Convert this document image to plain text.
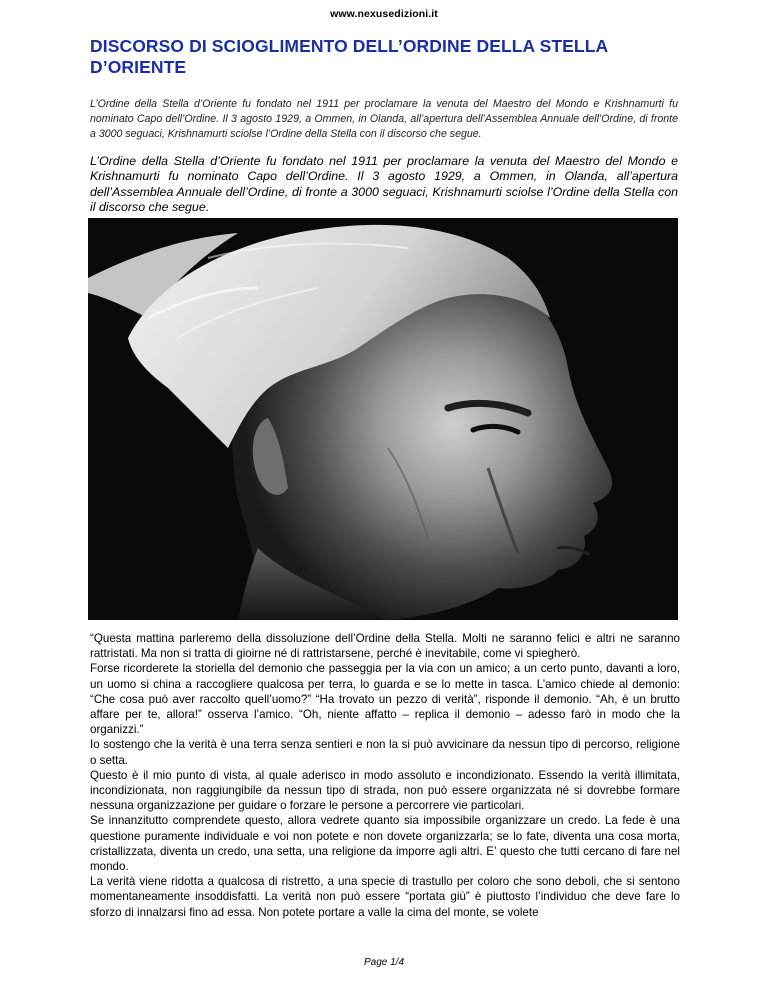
www.nexusedizioni.it
DISCORSO DI SCIOGLIMENTO DELL’ORDINE DELLA STELLA D’ORIENTE

L’Ordine della Stella d’Oriente fu fondato nel 1911 per proclamare la venuta del Maestro del Mondo e Krishnamurti fu nominato Capo dell’Ordine. Il 3 agosto 1929, a Ommen, in Olanda, all’apertura dell’Assemblea Annuale dell’Ordine, di fronte a 3000 seguaci, Krishnamurti sciolse l’Ordine della Stella con il discorso che segue.

L’Ordine della Stella d’Oriente fu fondato nel 1911 per proclamare la venuta del Maestro del Mondo e Krishnamurti fu nominato Capo dell’Ordine. Il 3 agosto 1929, a Ommen, in Olanda, all’apertura dell’Assemblea Annuale dell’Ordine, di fronte a 3000 seguaci, Krishnamurti sciolse l’Ordine della Stella con il discorso che segue.

“Questa mattina parleremo della dissoluzione dell’Ordine della Stella. Molti ne saranno felici e altri ne saranno rattristati. Ma non si tratta di gioirne né di rattristarsene, perché è inevitabile, come vi spiegherò.

Forse ricorderete la storiella del demonio che passeggia per la via con un amico; a un certo punto, davanti a loro, un uomo si china a raccogliere qualcosa per terra, lo guarda e se lo mette in tasca. L’amico chiede al demonio: “Che cosa può aver raccolto quell’uomo?” “Ha trovato un pezzo di verità”, risponde il demonio. “Ah, è un brutto affare per te, allora!” osserva l’amico. “Oh, niente affatto – replica il demonio – adesso farò in modo che la organizzi.”

Io sostengo che la verità è una terra senza sentieri e non la si può avvicinare da nessun tipo di percorso, religione o setta.

Questo è il mio punto di vista, al quale aderisco in modo assoluto e incondizionato. Essendo la verità illimitata, incondizionata, non raggiungibile da nessun tipo di strada, non può essere organizzata né si dovrebbe formare nessuna organizzazione per guidare o forzare le persone a percorrere vie particolari.

Se innanzitutto comprendete questo, allora vedrete quanto sia impossibile organizzare un credo. La fede è una questione puramente individuale e voi non potete e non dovete organizzarla; se lo fate, diventa una cosa morta, cristallizzata, diventa un credo, una setta, una religione da imporre agli altri. E’ questo che tutti cercano di fare nel mondo.

La verità viene ridotta a qualcosa di ristretto, a una specie di trastullo per coloro che sono deboli, che si sentono momentaneamente insoddisfatti. La verità non può essere “portata giù” è piuttosto l’individuo che deve fare lo sforzo di innalzarsi fino ad essa. Non potete portare a valle la cima del monte, se volete

Page 1/4
